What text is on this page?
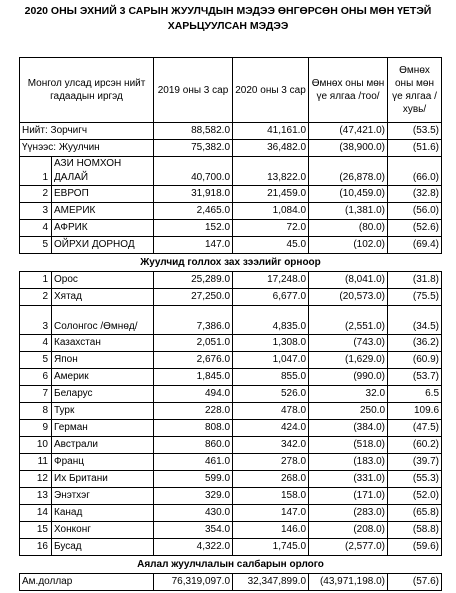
2020 ОНЫ ЭХНИЙ 3 САРЫН ЖУУЛЧДЫН МЭДЭЭ ӨНГӨРСӨН ОНЫ МӨН ҮЕТЭЙ
ХАРЬЦУУЛСАН МЭДЭЭ
Монгол улсад ирсэн нийт гадаадын иргэд		2019 оны 3 сар	2020 оны 3 сар	Өмнөх оны мөн үе ялгаа /тоо/	Өмнөх оны мөн үе ялгаа /хувь/
Нийт: Зорчигч		88,582.0	41,161.0	(47,421.0)	(53.5)
Үүнээс: Жуулчин		75,382.0	36,482.0	(38,900.0)	(51.6)
1	АЗИ НОМХОН ДАЛАЙ	40,700.0	13,822.0	(26,878.0)	(66.0)
2	ЕВРОП	31,918.0	21,459.0	(10,459.0)	(32.8)
3	АМЕРИК	2,465.0	1,084.0	(1,381.0)	(56.0)
4	АФРИК	152.0	72.0	(80.0)	(52.6)
5	ОЙРХИ ДОРНОД	147.0	45.0	(102.0)	(69.4)
Жуулчид голлох зах зээлийг орноор					
1	Орос	25,289.0	17,248.0	(8,041.0)	(31.8)
2	Хятад	27,250.0	6,677.0	(20,573.0)	(75.5)
3	Солонгос /Өмнөд/	7,386.0	4,835.0	(2,551.0)	(34.5)
4	Казахстан	2,051.0	1,308.0	(743.0)	(36.2)
5	Япон	2,676.0	1,047.0	(1,629.0)	(60.9)
6	Америк	1,845.0	855.0	(990.0)	(53.7)
7	Беларус	494.0	526.0	32.0	6.5
8	Турк	228.0	478.0	250.0	109.6
9	Герман	808.0	424.0	(384.0)	(47.5)
10	Австрали	860.0	342.0	(518.0)	(60.2)
11	Франц	461.0	278.0	(183.0)	(39.7)
12	Их Британи	599.0	268.0	(331.0)	(55.3)
13	Энэтхэг	329.0	158.0	(171.0)	(52.0)
14	Канад	430.0	147.0	(283.0)	(65.8)
15	Хонконг	354.0	146.0	(208.0)	(58.8)
16	Бусад	4,322.0	1,745.0	(2,577.0)	(59.6)
Аялал жуулчлалын салбарын орлого					
Ам.доллар		76,319,097.0	32,347,899.0	(43,971,198.0)	(57.6)
